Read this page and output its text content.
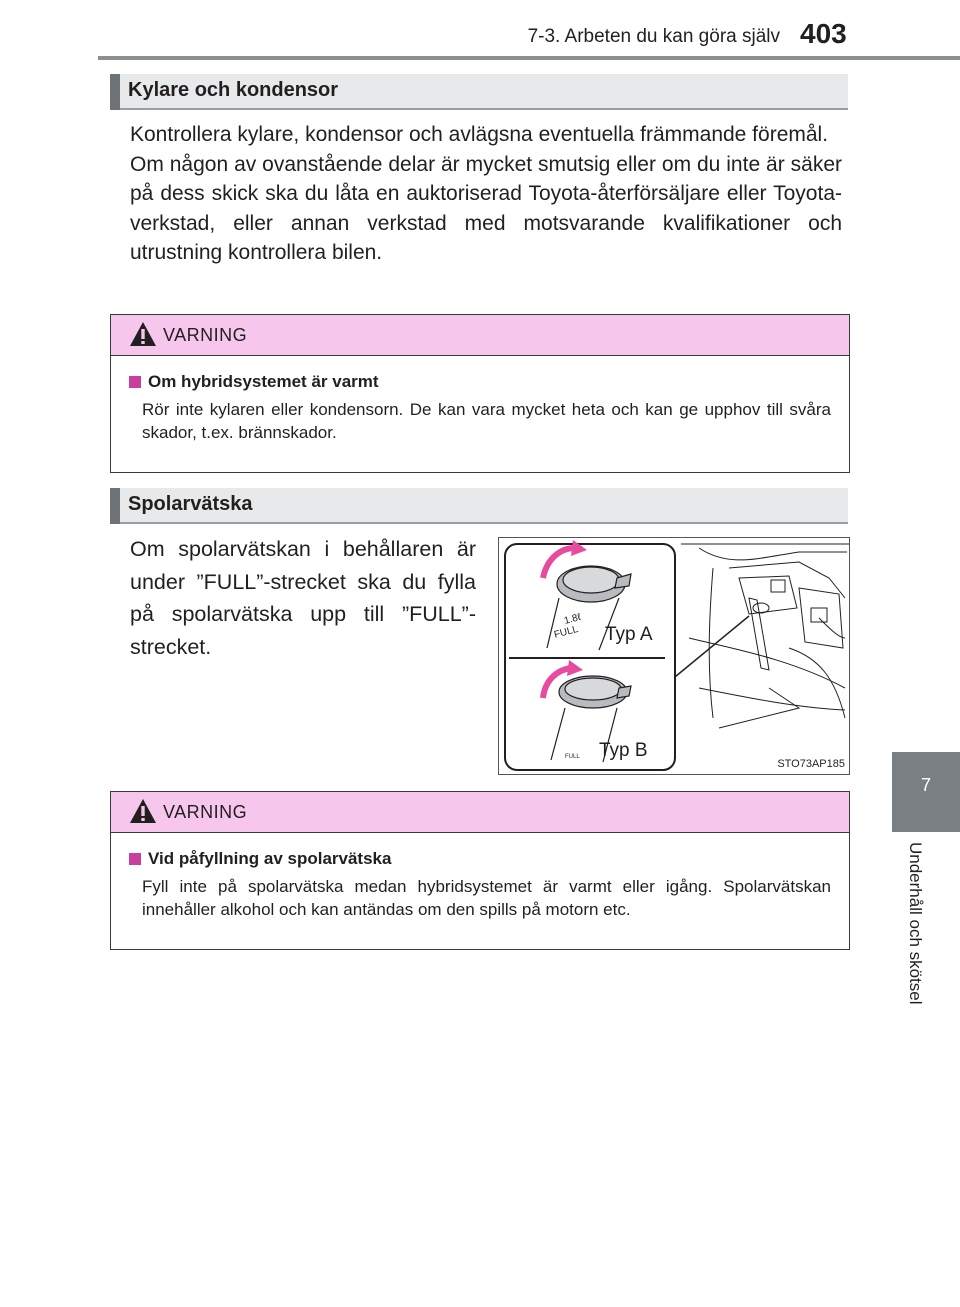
7-3. Arbeten du kan göra själv 403
7
Underhåll och skötsel
Kylare och kondensor

Kontrollera kylare, kondensor och avlägsna eventuella främmande föremål.

Om någon av ovanstående delar är mycket smutsig eller om du inte är säker på dess skick ska du låta en auktoriserad Toyota-återförsäljare eller Toyota-verkstad, eller annan verkstad med motsvarande kvalifikationer och utrustning kontrollera bilen.

VARNING
Om hybridsystemet är varmt
Rör inte kylaren eller kondensorn. De kan vara mycket heta och kan ge upphov till svåra skador, t.ex. brännskador.
Spolarvätska

Om spolarvätskan i behållaren är under ”FULL”-strecket ska du fylla på spolarvätska upp till ”FULL”-strecket.

FULL
1.8ℓ
FULL
Typ A
Typ B
STO73AP185
VARNING
Vid påfyllning av spolarvätska
Fyll inte på spolarvätska medan hybridsystemet är varmt eller igång. Spolarvätskan innehåller alkohol och kan antändas om den spills på motorn etc.
